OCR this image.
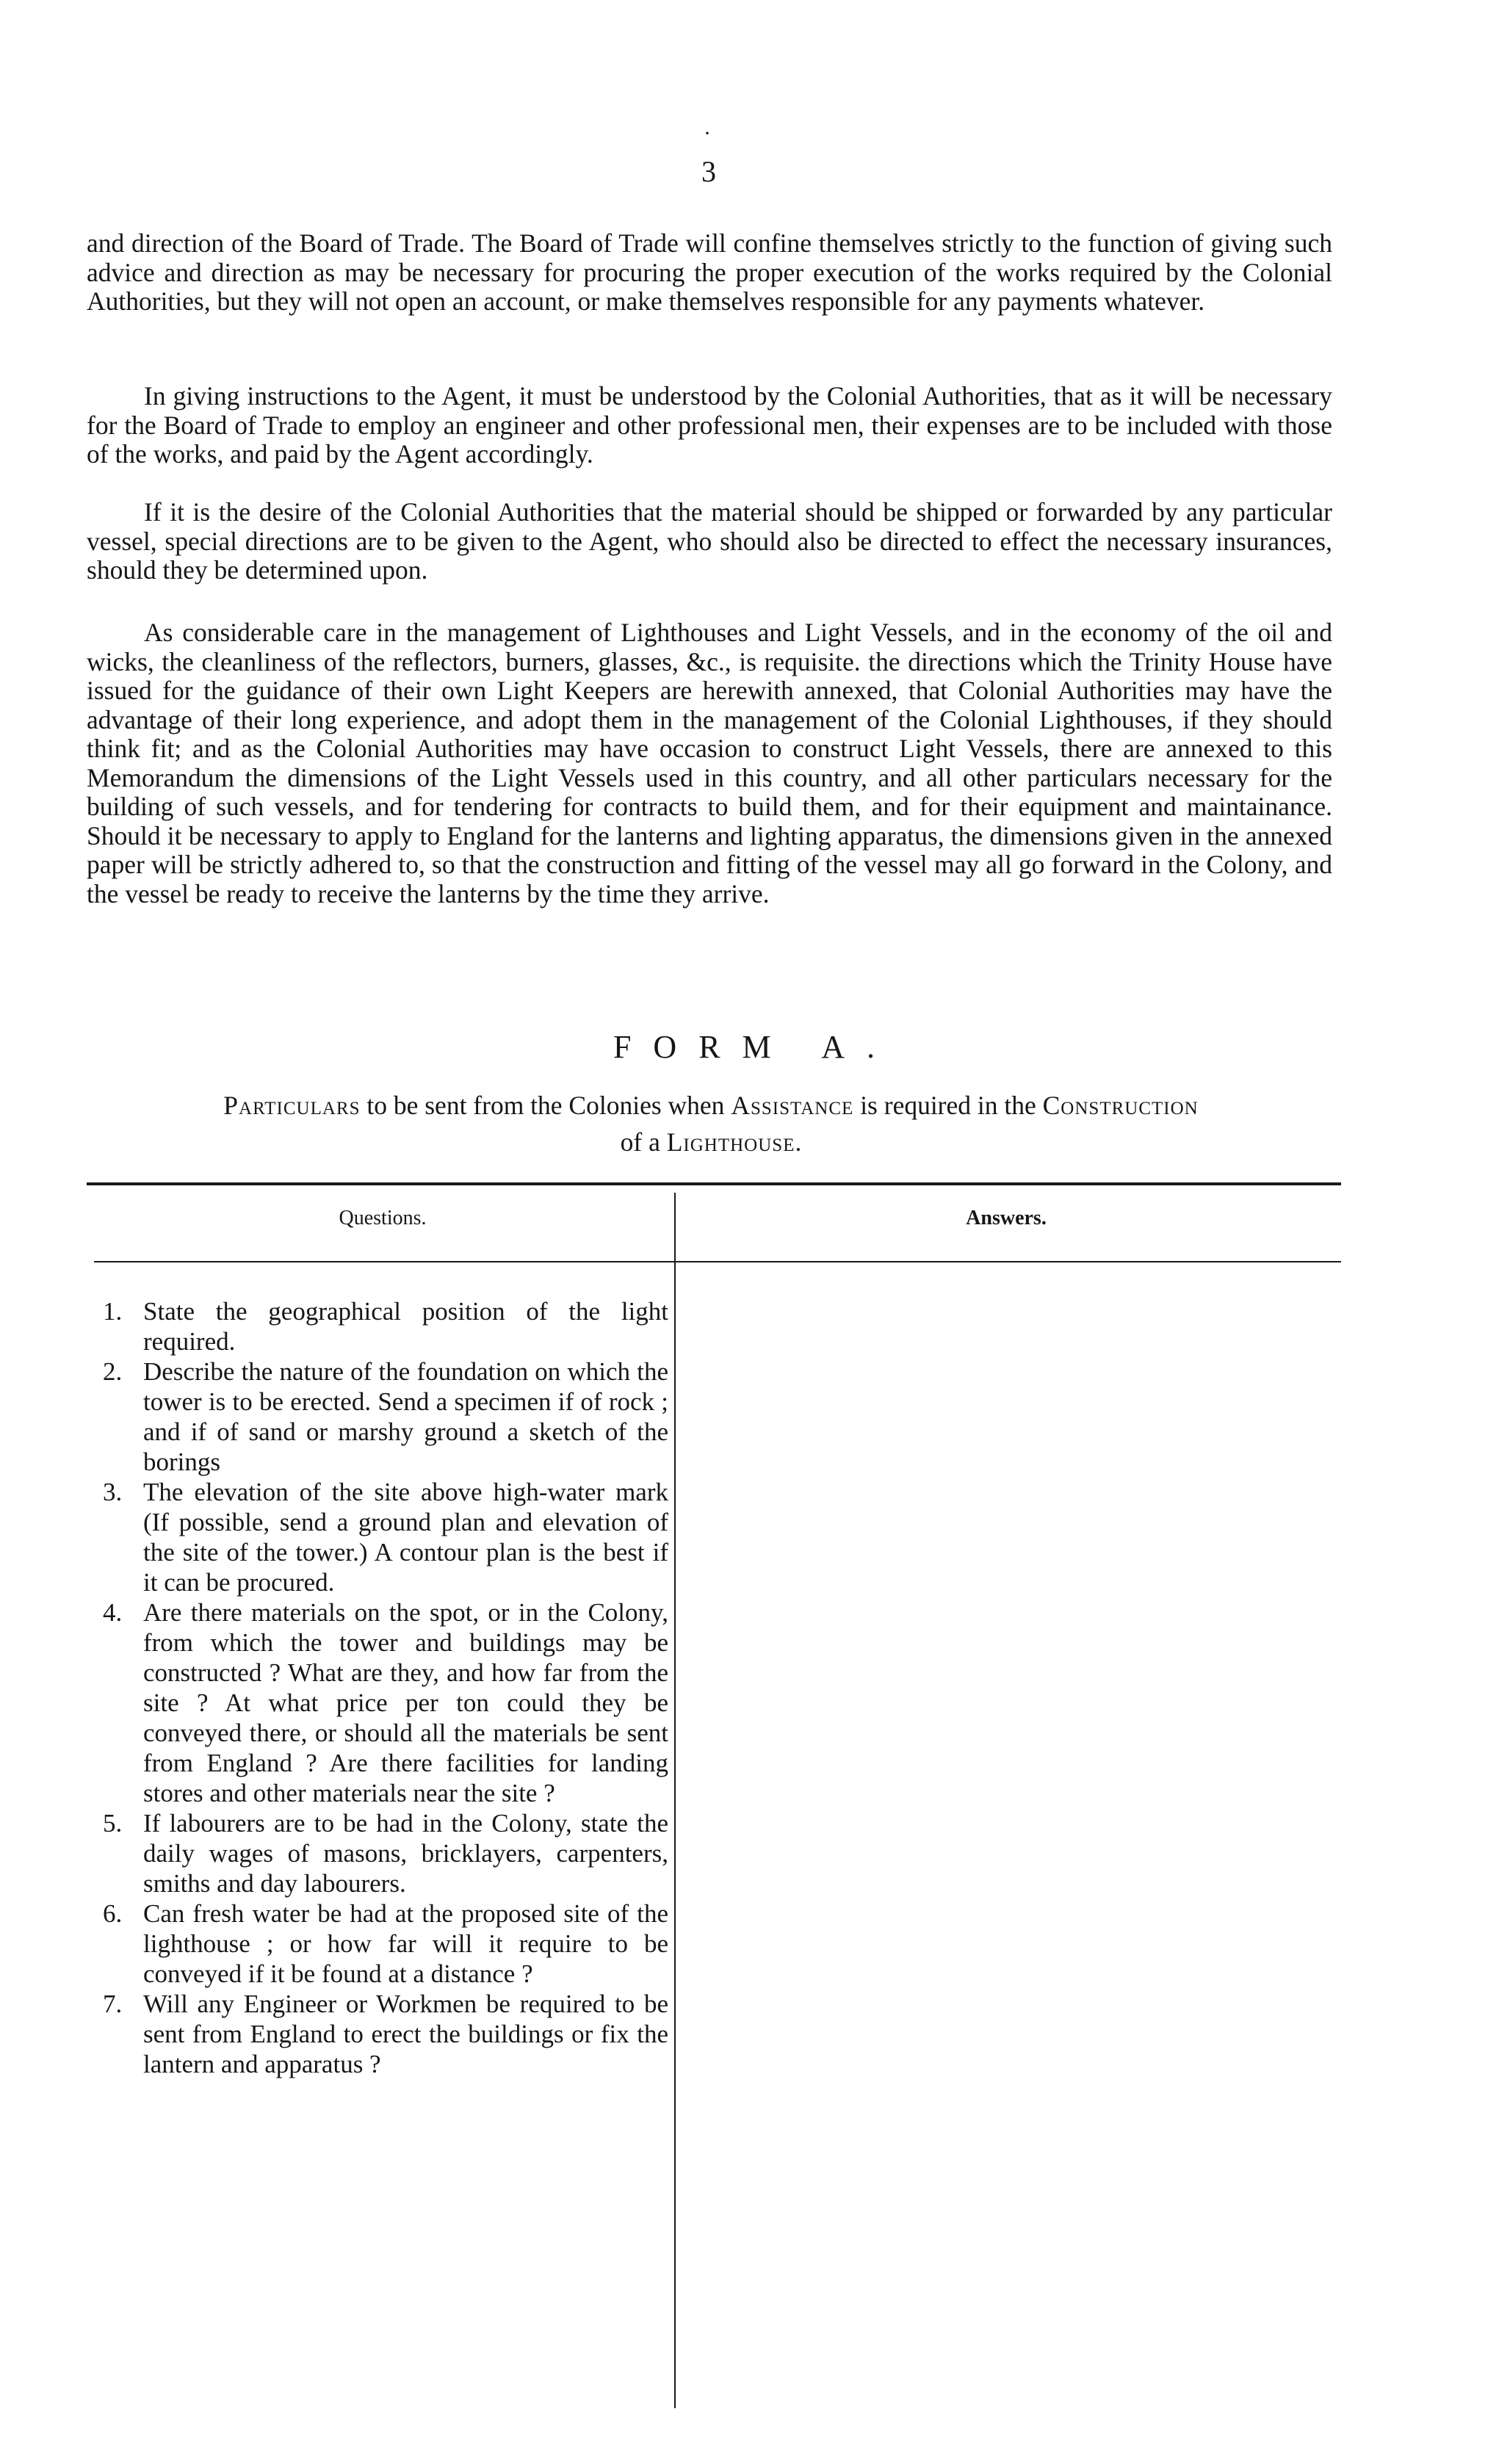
·
3

and direction of the Board of Trade. The Board of Trade will confine themselves strictly to the function of giving such advice and direction as may be necessary for procuring the proper execution of the works required by the Colonial Authorities, but they will not open an account, or make themselves responsible for any payments whatever.

In giving instructions to the Agent, it must be understood by the Colonial Authorities, that as it will be necessary for the Board of Trade to employ an engineer and other professional men, their expenses are to be included with those of the works, and paid by the Agent accordingly.

If it is the desire of the Colonial Authorities that the material should be shipped or forwarded by any particular vessel, special directions are to be given to the Agent, who should also be directed to effect the necessary insurances, should they be determined upon.

As considerable care in the management of Lighthouses and Light Vessels, and in the economy of the oil and wicks, the cleanliness of the reflectors, burners, glasses, &c., is requisite. the directions which the Trinity House have issued for the guidance of their own Light Keepers are herewith annexed, that Colonial Authorities may have the advantage of their long experience, and adopt them in the management of the Colonial Lighthouses, if they should think fit; and as the Colonial Authorities may have occasion to construct Light Vessels, there are annexed to this Memorandum the dimensions of the Light Vessels used in this country, and all other particulars necessary for the building of such vessels, and for tendering for contracts to build them, and for their equipment and maintainance. Should it be necessary to apply to England for the lanterns and lighting apparatus, the dimensions given in the annexed paper will be strictly adhered to, so that the construction and fitting of the vessel may all go forward in the Colony, and the vessel be ready to receive the lanterns by the time they arrive.

FORM A.
Particulars to be sent from the Colonies when Assistance is required in the Construction
of a Lighthouse.
Questions.	Answers.
1. State the geographical position of the light required.
2. Describe the nature of the foundation on which the tower is to be erected. Send a specimen if of rock ; and if of sand or marshy ground a sketch of the borings
3. The elevation of the site above high-water mark (If possible, send a ground plan and elevation of the site of the tower.) A contour plan is the best if it can be procured.
4. Are there materials on the spot, or in the Colony, from which the tower and buildings may be constructed ? What are they, and how far from the site ? At what price per ton could they be conveyed there, or should all the materials be sent from England ? Are there facilities for landing stores and other materials near the site ?
5. If labourers are to be had in the Colony, state the daily wages of masons, bricklayers, carpenters, smiths and day labourers.
6. Can fresh water be had at the proposed site of the lighthouse ; or how far will it require to be conveyed if it be found at a distance ?
7. Will any Engineer or Workmen be required to be sent from England to erect the buildings or fix the lantern and apparatus ?
